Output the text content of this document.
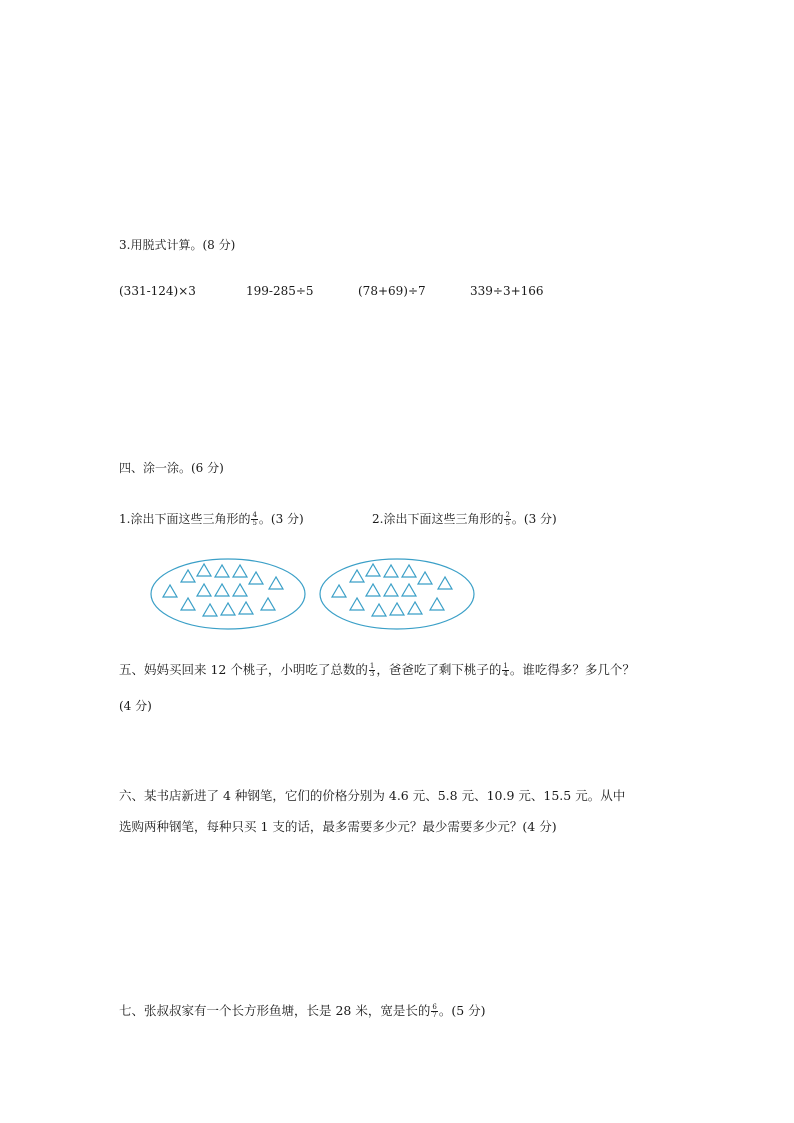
3.用脱式计算。(8 分)
(331-124)×3	199-285÷5	(78+69)÷7	339÷3+166
四、涂一涂。(6 分)
1.涂出下面这些三角形的 $\frac{4}{5}$ 。(3 分)	2.涂出下面这些三角形的 $\frac{2}{5}$ 。(3 分)
五、妈妈买回来 12 个桃子，小明吃了总数的 $\frac{1}{3}$ ，爸爸吃了剩下桃子的 $\frac{1}{4}$ 。谁吃得多？多几个？
(4 分)
六、某书店新进了 4 种钢笔，它们的价格分别为 4.6 元、5.8 元、10.9 元、15.5 元。从中
选购两种钢笔，每种只买 1 支的话，最多需要多少元？最少需要多少元？(4 分)
七、张叔叔家有一个长方形鱼塘，长是 28 米，宽是长的 $\frac{6}{7}$ 。(5 分)
